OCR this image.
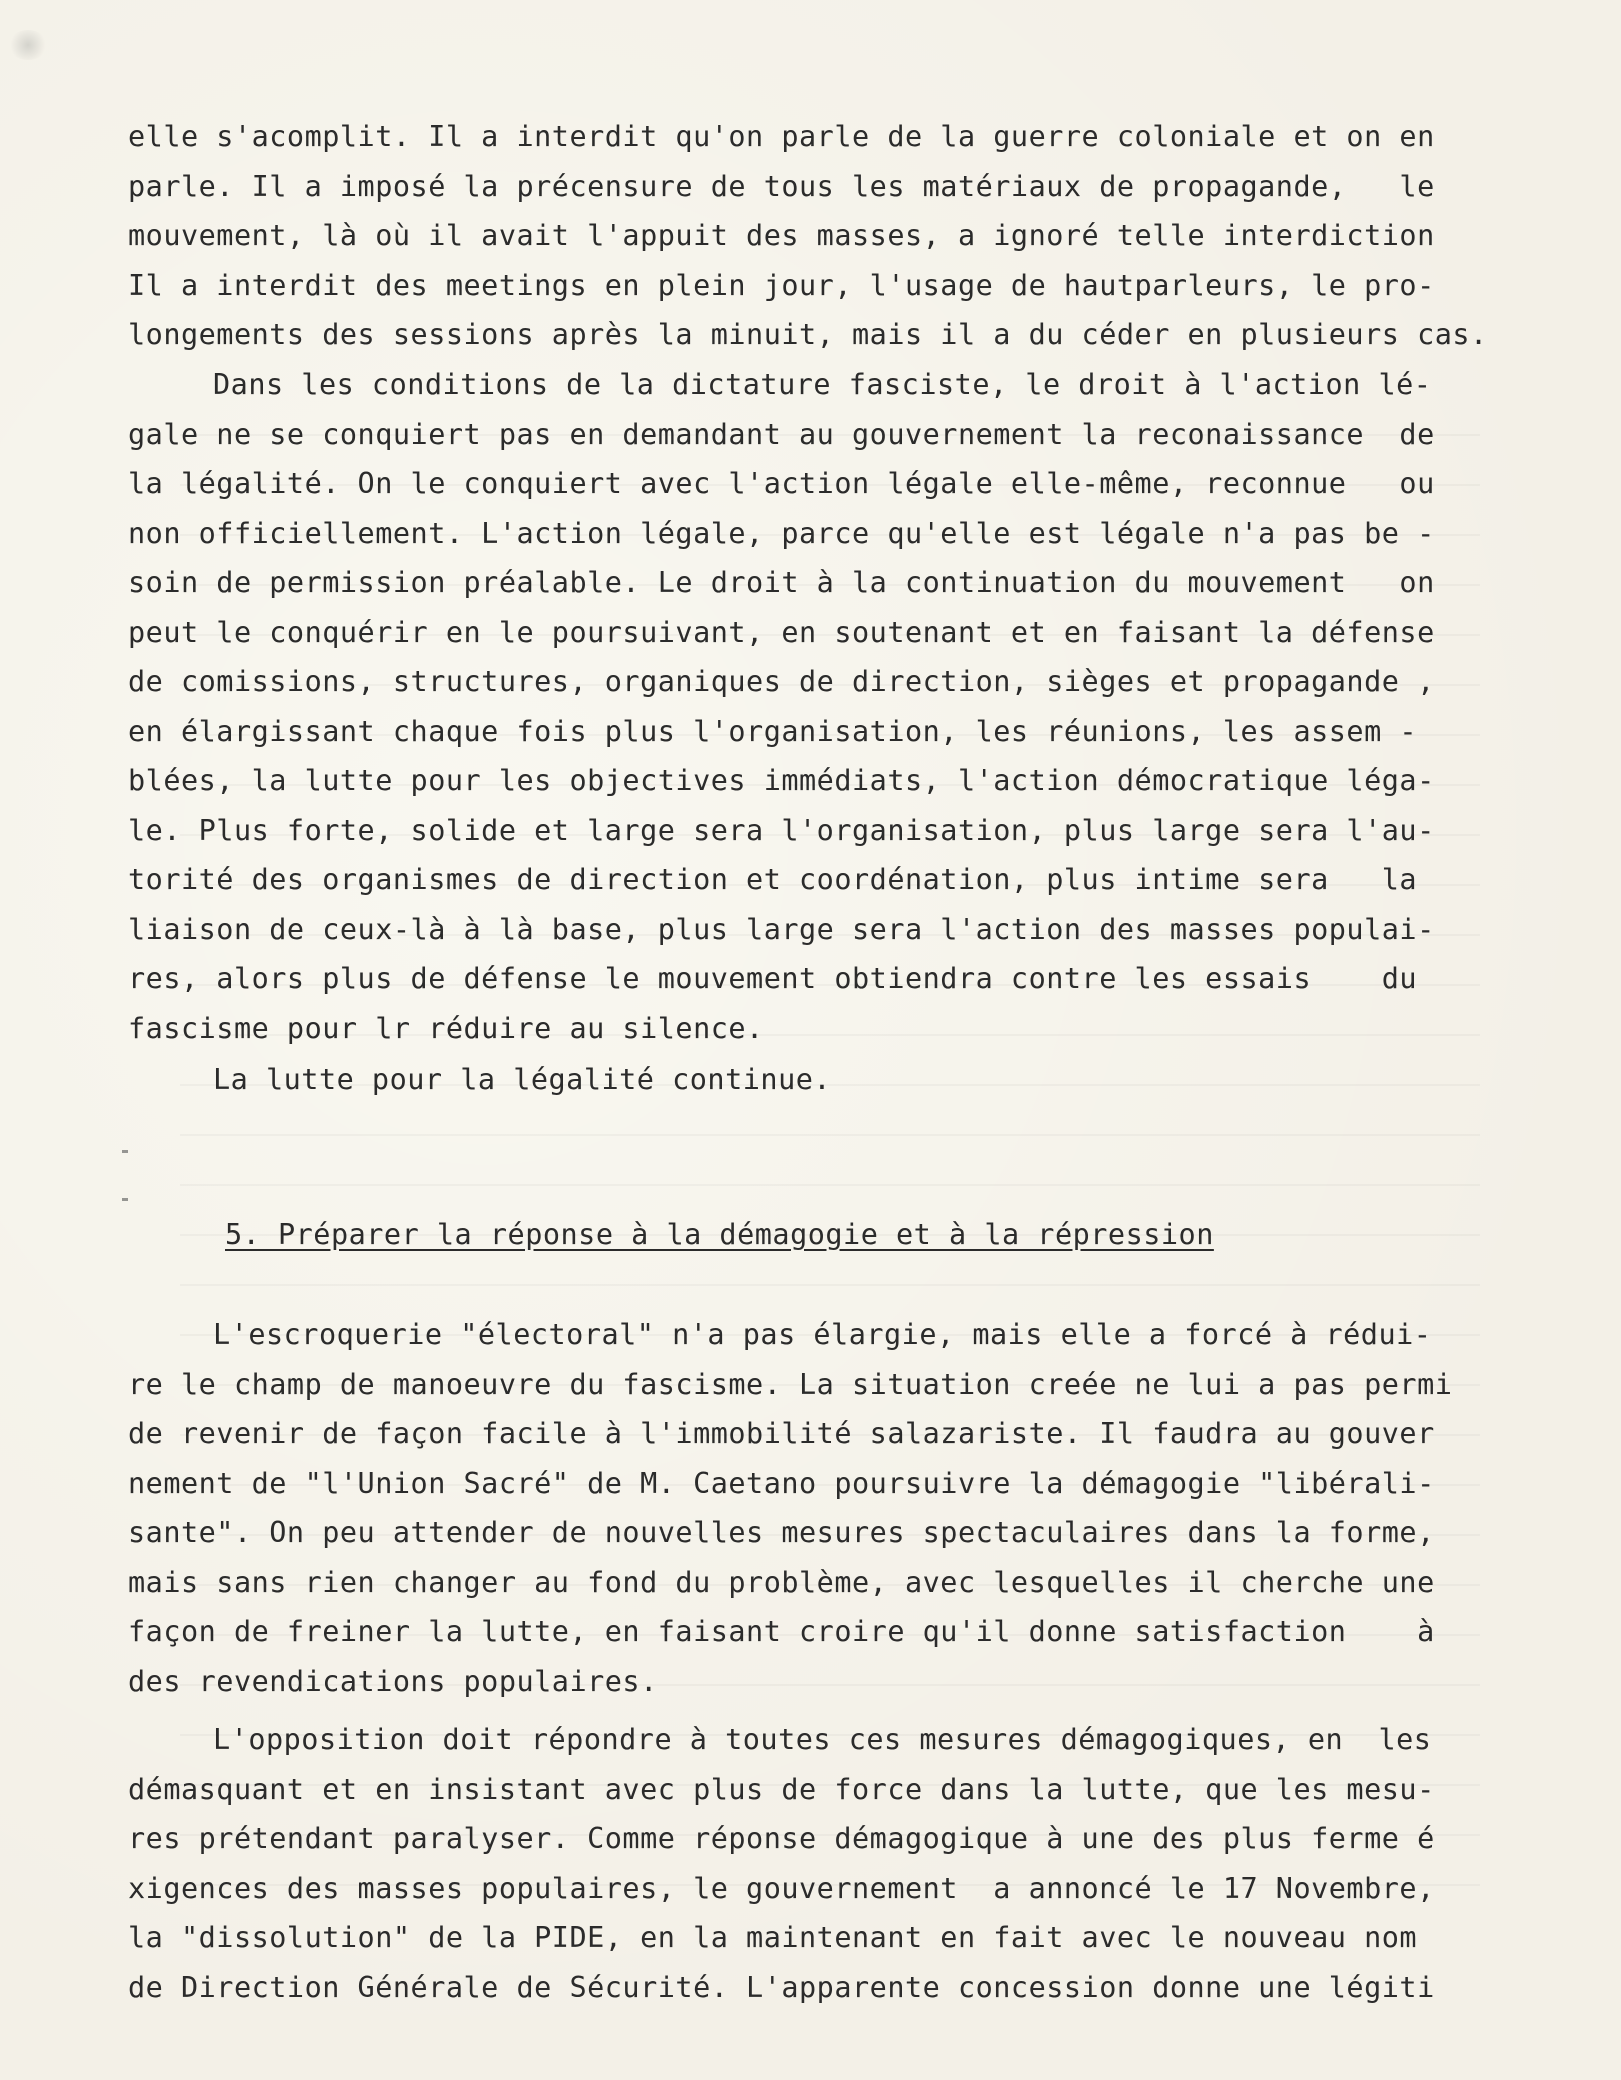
elle s'acomplit. Il a interdit qu'on parle de la guerre coloniale et on en
parle. Il a imposé la précensure de tous les matériaux de propagande,   le
mouvement, là où il avait l'appuit des masses, a ignoré telle interdiction
Il a interdit des meetings en plein jour, l'usage de hautparleurs, le pro-
longements des sessions après la minuit, mais il a du céder en plusieurs cas.
Dans les conditions de la dictature fasciste, le droit à l'action lé-
gale ne se conquiert pas en demandant au gouvernement la reconaissance  de
la légalité. On le conquiert avec l'action légale elle-même, reconnue   ou
non officiellement. L'action légale, parce qu'elle est légale n'a pas be -
soin de permission préalable. Le droit à la continuation du mouvement   on
peut le conquérir en le poursuivant, en soutenant et en faisant la défense
de comissions, structures, organiques de direction, sièges et propagande ,
en élargissant chaque fois plus l'organisation, les réunions, les assem -
blées, la lutte pour les objectives immédiats, l'action démocratique léga-
le. Plus forte, solide et large sera l'organisation, plus large sera l'au-
torité des organismes de direction et coordénation, plus intime sera   la
liaison de ceux-là à là base, plus large sera l'action des masses populai-
res, alors plus de défense le mouvement obtiendra contre les essais    du
fascisme pour lr réduire au silence.
La lutte pour la légalité continue.
5. Préparer la réponse à la démagogie et à la répression
L'escroquerie "électoral" n'a pas élargie, mais elle a forcé à rédui-
re le champ de manoeuvre du fascisme. La situation creée ne lui a pas permi
de revenir de façon facile à l'immobilité salazariste. Il faudra au gouver
nement de "l'Union Sacré" de M. Caetano poursuivre la démagogie "libérali-
sante". On peu attender de nouvelles mesures spectaculaires dans la forme,
mais sans rien changer au fond du problème, avec lesquelles il cherche une
façon de freiner la lutte, en faisant croire qu'il donne satisfaction    à
des revendications populaires.
L'opposition doit répondre à toutes ces mesures démagogiques, en  les
démasquant et en insistant avec plus de force dans la lutte, que les mesu-
res prétendant paralyser. Comme réponse démagogique à une des plus ferme é
xigences des masses populaires, le gouvernement  a annoncé le 17 Novembre,
la "dissolution" de la PIDE, en la maintenant en fait avec le nouveau nom
de Direction Générale de Sécurité. L'apparente concession donne une légiti
